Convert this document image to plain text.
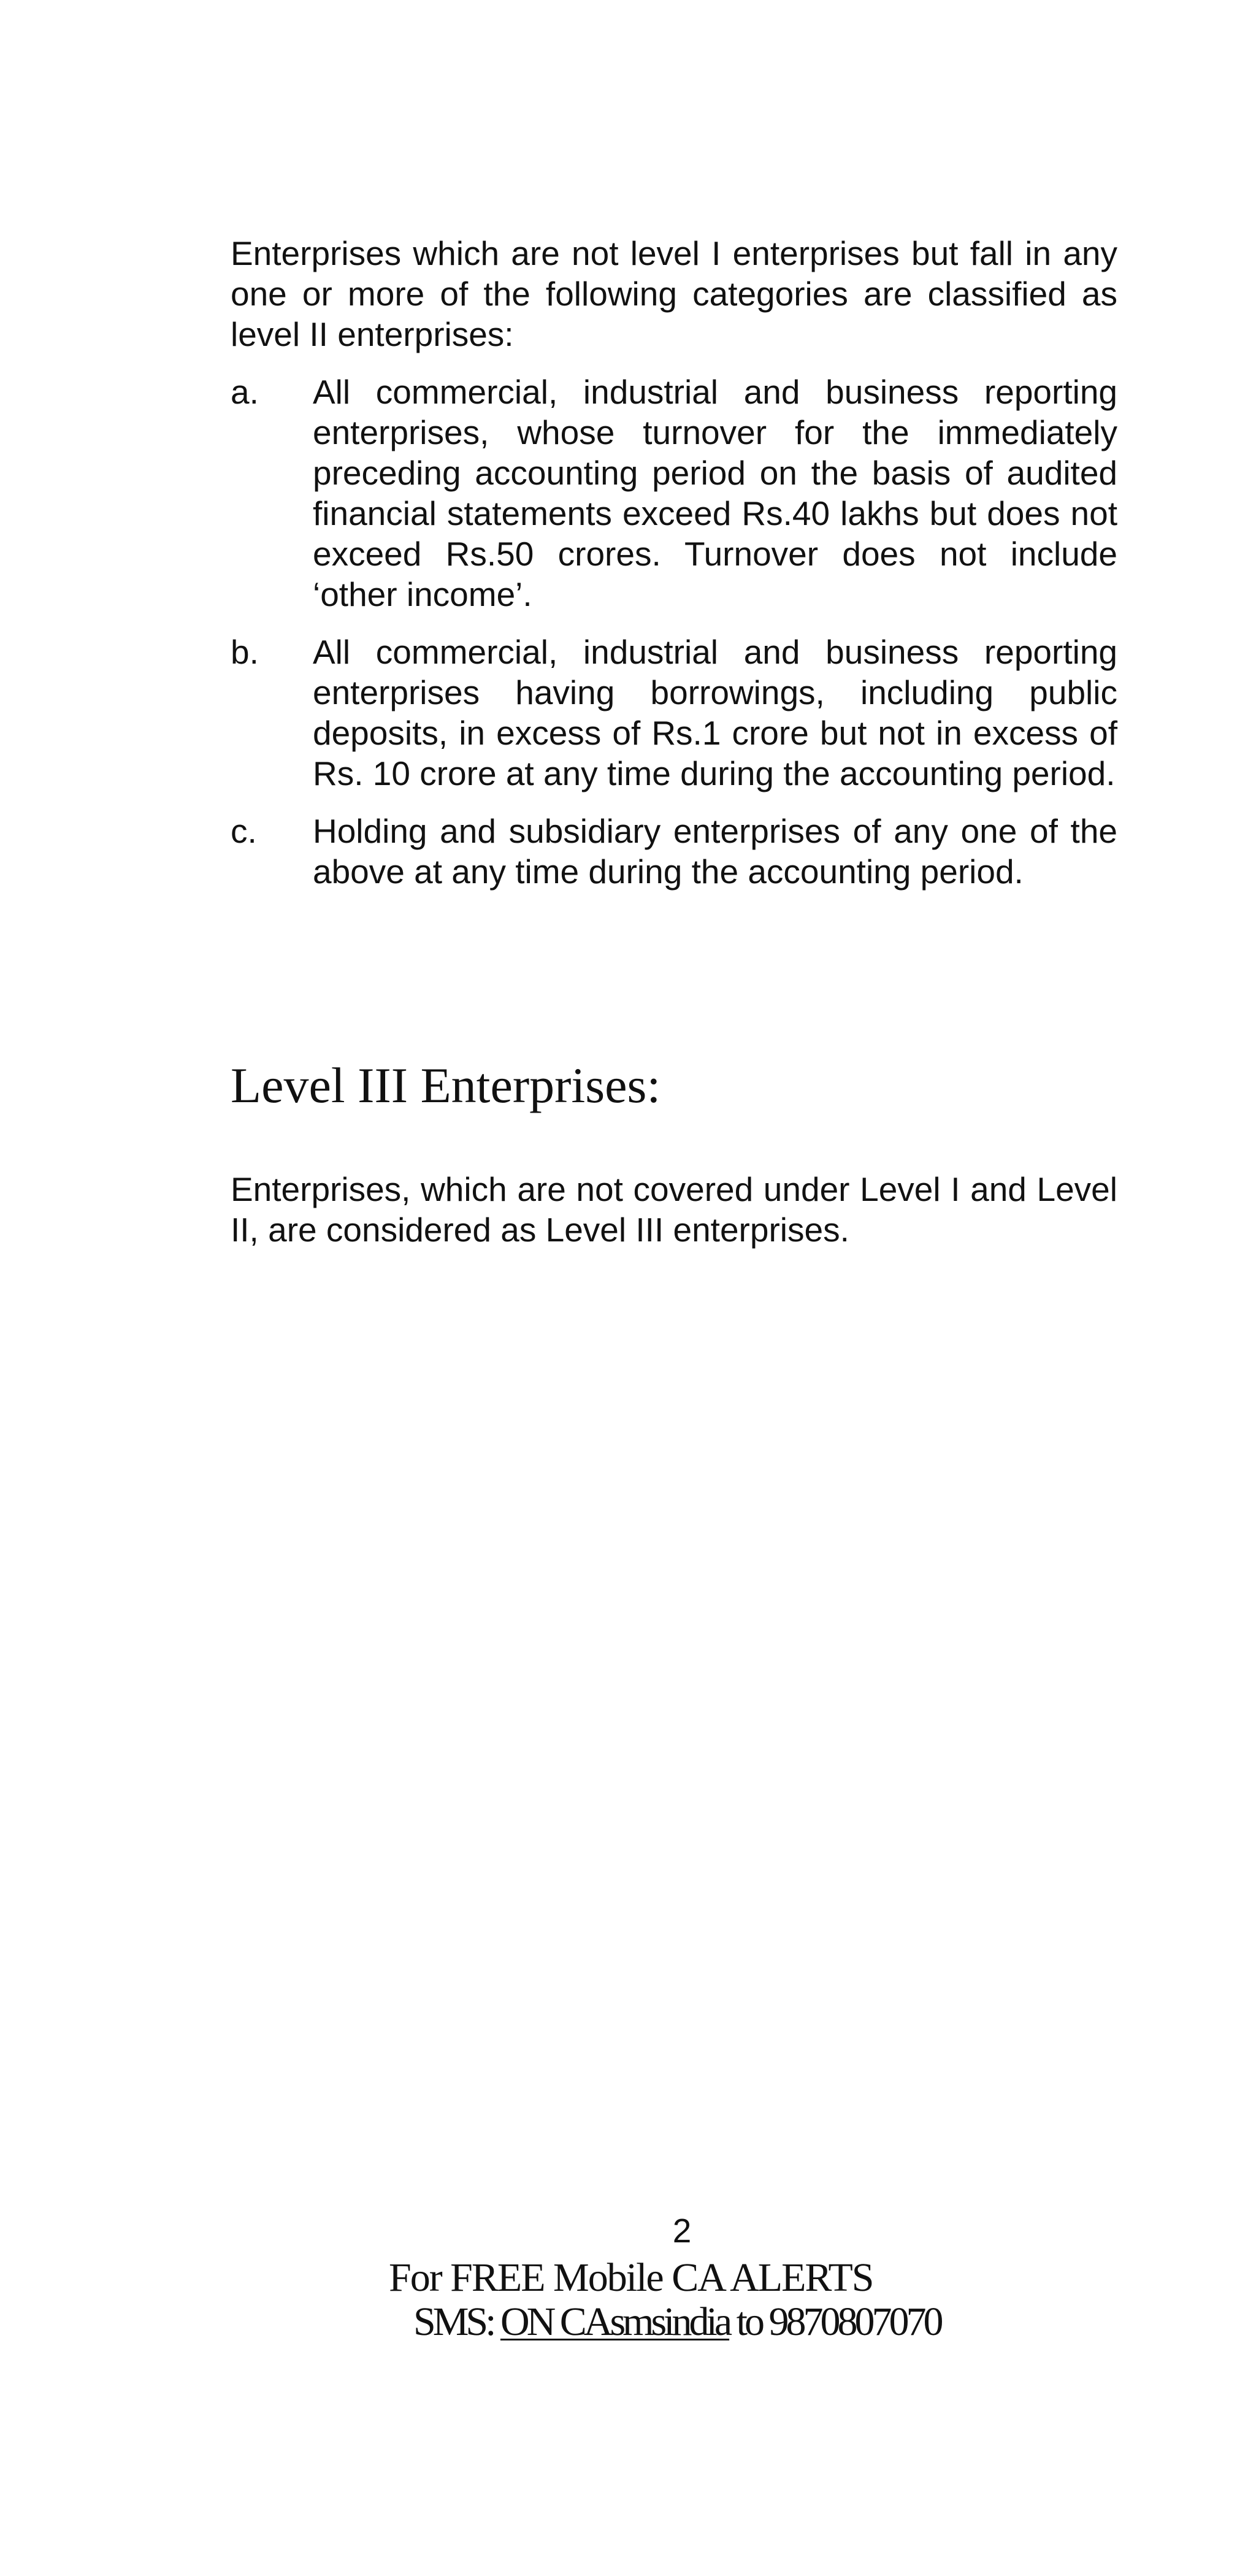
Enterprises which are not level I enterprises but fall in any one or more of the following categories are classified as level II enterprises:

a.	All commercial, industrial and business reporting enterprises, whose turnover for the immediately preceding accounting period on the basis of audited financial statements exceed Rs.40 lakhs but does not exceed Rs.50 crores. Turnover does not include ‘other income’.

b.	All commercial, industrial and business reporting enterprises having borrowings, including public deposits, in excess of Rs.1 crore but not in excess of Rs. 10 crore at any time during the accounting period.

c.	Holding and subsidiary enterprises of any one of the above at any time during the accounting period.

Level III Enterprises:

Enterprises, which are not covered under Level I and Level II, are considered as Level III enterprises.

2
For FREE Mobile CA ALERTS
SMS: ON CAsmsindia to 9870807070
